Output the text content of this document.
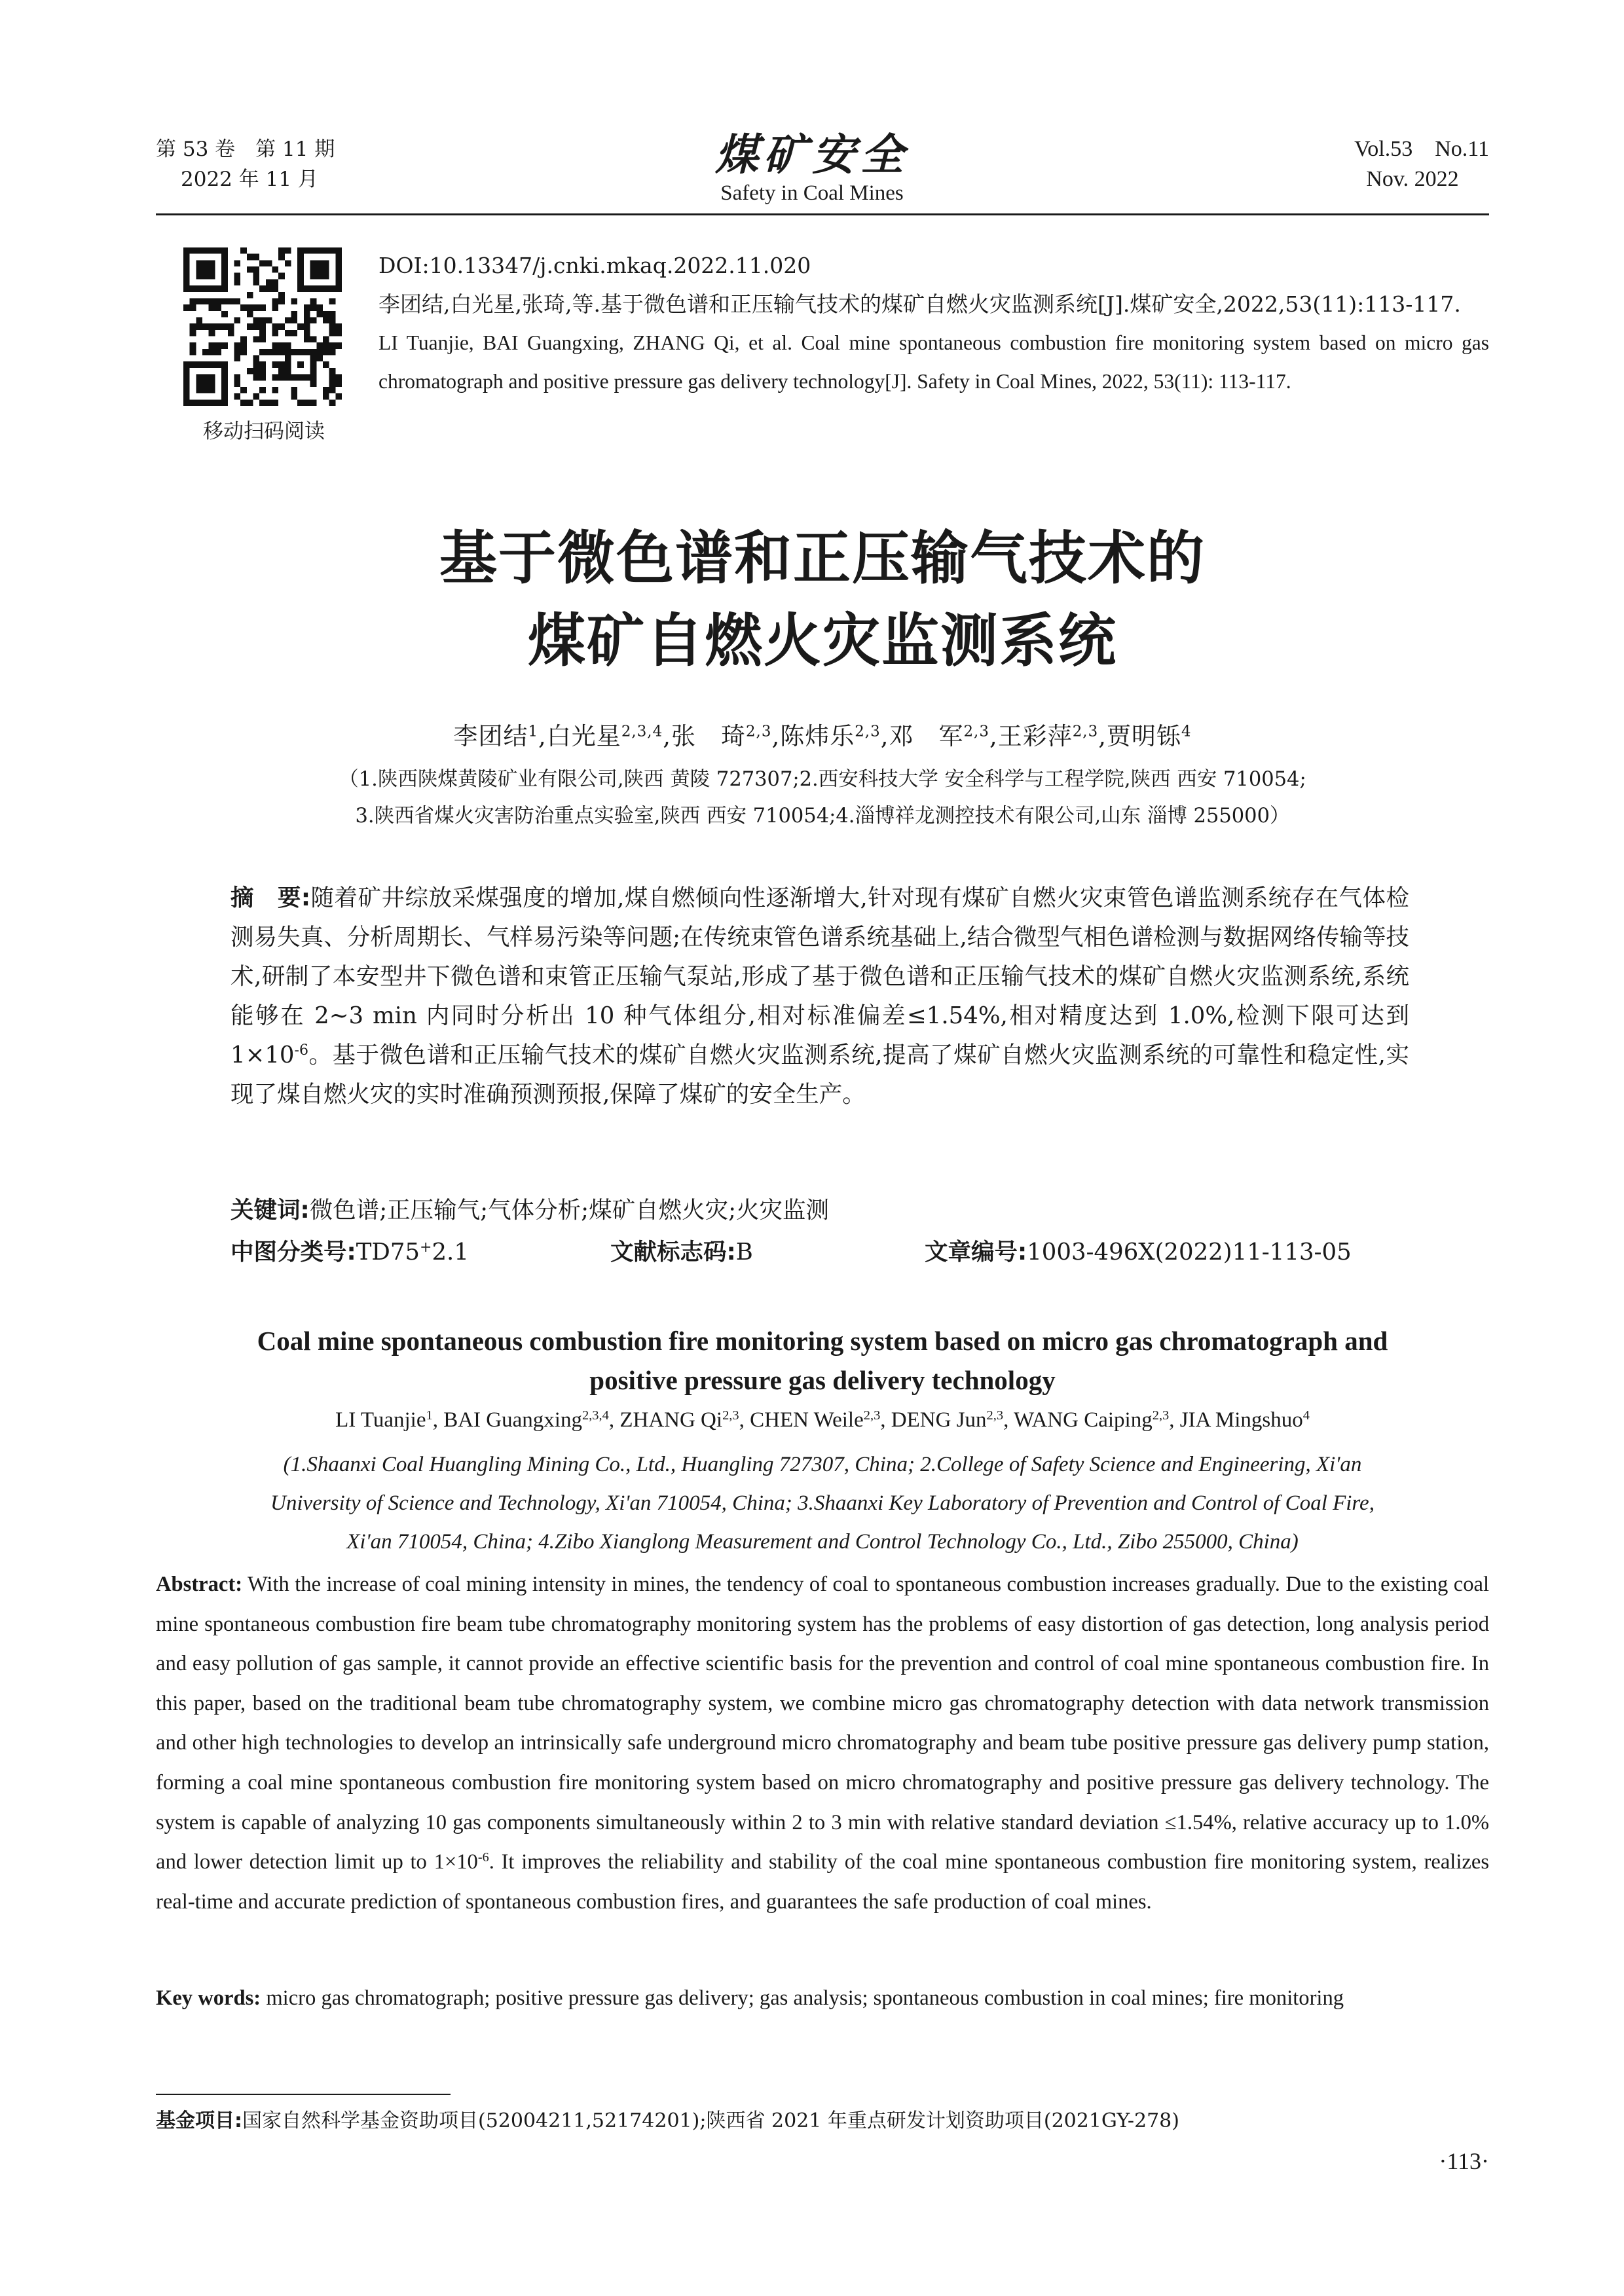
第 53 卷　第 11 期
2022 年 11 月	煤矿安全
Safety in Coal Mines
Vol.53　No.11
Nov. 2022
移动扫码阅读
DOI:10.13347/j.cnki.mkaq.2022.11.020
李团结,白光星,张琦,等.基于微色谱和正压输气技术的煤矿自燃火灾监测系统[J].煤矿安全,2022,53(11):113-117.
LI Tuanjie, BAI Guangxing, ZHANG Qi, et al. Coal mine spontaneous combustion fire monitoring system based on micro gas chromatograph and positive pressure gas delivery technology[J]. Safety in Coal Mines, 2022, 53(11): 113-117.
基于微色谱和正压输气技术的
煤矿自燃火灾监测系统
李团结$^1$,白光星$^{2,3,4}$,张　琦$^{2,3}$,陈炜乐$^{2,3}$,邓　军$^{2,3}$,王彩萍$^{2,3}$,贾明铄$^4$
（1.陕西陕煤黄陵矿业有限公司,陕西 黄陵 727307;2.西安科技大学 安全科学与工程学院,陕西 西安 710054;
3.陕西省煤火灾害防治重点实验室,陕西 西安 710054;4.淄博祥龙测控技术有限公司,山东 淄博 255000）
摘　要:随着矿井综放采煤强度的增加,煤自燃倾向性逐渐增大,针对现有煤矿自燃火灾束管色谱监测系统存在气体检测易失真、分析周期长、气样易污染等问题;在传统束管色谱系统基础上,结合微型气相色谱检测与数据网络传输等技术,研制了本安型井下微色谱和束管正压输气泵站,形成了基于微色谱和正压输气技术的煤矿自燃火灾监测系统,系统能够在 2~3 min 内同时分析出 10 种气体组分,相对标准偏差≤1.54%,相对精度达到 1.0%,检测下限可达到 $1\times 10^{-6}$。基于微色谱和正压输气技术的煤矿自燃火灾监测系统,提高了煤矿自燃火灾监测系统的可靠性和稳定性,实现了煤自燃火灾的实时准确预测预报,保障了煤矿的安全生产。
关键词:微色谱;正压输气;气体分析;煤矿自燃火灾;火灾监测
中图分类号:TD75+2.1	文献标志码:B	文章编号:1003-496X(2022)11-113-05
Coal mine spontaneous combustion fire monitoring system based on micro gas chromatograph and
positive pressure gas delivery technology
LI Tuanjie$^1$, BAI Guangxing$^{2,3,4}$, ZHANG Qi$^{2,3}$, CHEN Weile$^{2,3}$, DENG Jun$^{2,3}$, WANG Caiping$^{2,3}$, JIA Mingshuo$^4$
(1.Shaanxi Coal Huangling Mining Co., Ltd., Huangling 727307, China; 2.College of Safety Science and Engineering, Xi'an
University of Science and Technology, Xi'an 710054, China; 3.Shaanxi Key Laboratory of Prevention and Control of Coal Fire,
Xi'an 710054, China; 4.Zibo Xianglong Measurement and Control Technology Co., Ltd., Zibo 255000, China)
Abstract: With the increase of coal mining intensity in mines, the tendency of coal to spontaneous combustion increases gradually. Due to the existing coal mine spontaneous combustion fire beam tube chromatography monitoring system has the problems of easy distortion of gas detection, long analysis period and easy pollution of gas sample, it cannot provide an effective scientific basis for the prevention and control of coal mine spontaneous combustion fire. In this paper, based on the traditional beam tube chromatography system, we combine micro gas chromatography detection with data network transmission and other high technologies to develop an intrinsically safe underground micro chromatography and beam tube positive pressure gas delivery pump station, forming a coal mine spontaneous combustion fire monitoring system based on micro chromatography and positive pressure gas delivery technology. The system is capable of analyzing 10 gas components simultaneously within 2 to 3 min with relative standard deviation ≤1.54%, relative accuracy up to 1.0% and lower detection limit up to $1\times 10^{-6}$. It improves the reliability and stability of the coal mine spontaneous combustion fire monitoring system, realizes real-time and accurate prediction of spontaneous combustion fires, and guarantees the safe production of coal mines.
Key words: micro gas chromatograph; positive pressure gas delivery; gas analysis; spontaneous combustion in coal mines; fire monitoring
基金项目:国家自然科学基金资助项目(52004211,52174201);陕西省 2021 年重点研发计划资助项目(2021GY-278)
·113·
